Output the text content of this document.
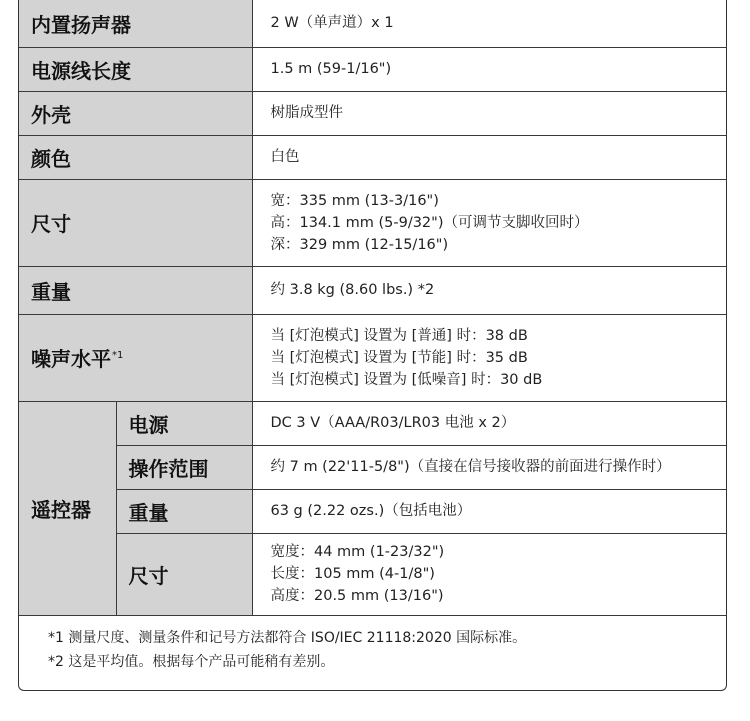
内置扬声器		2 W（单声道）x 1
电源线长度		1.5 m (59-1/16")
外壳		树脂成型件
颜色		白色
尺寸		宽：335 mm (13-3/16")
高：134.1 mm (5-9/32")（可调节支脚收回时）
深：329 mm (12-15/16")

重量		约 3.8 kg (8.60 lbs.) *2
噪声水平$^{*1}$		当 [灯泡模式] 设置为 [普通] 时：38 dB
当 [灯泡模式] 设置为 [节能] 时：35 dB
当 [灯泡模式] 设置为 [低噪音] 时：30 dB

遥控器	电源	DC 3 V（AAA/R03/LR03 电池 x 2）
	操作范围	约 7 m (22'11-5/8")（直接在信号接收器的前面进行操作时）
	重量	63 g (2.22 ozs.)（包括电池）
	尺寸	宽度：44 mm (1-23/32")
长度：105 mm (4-1/8")
高度：20.5 mm (13/16")
*1 测量尺度、测量条件和记号方法都符合 ISO/IEC 21118:2020 国际标准。
*2 这是平均值。根据每个产品可能稍有差别。
